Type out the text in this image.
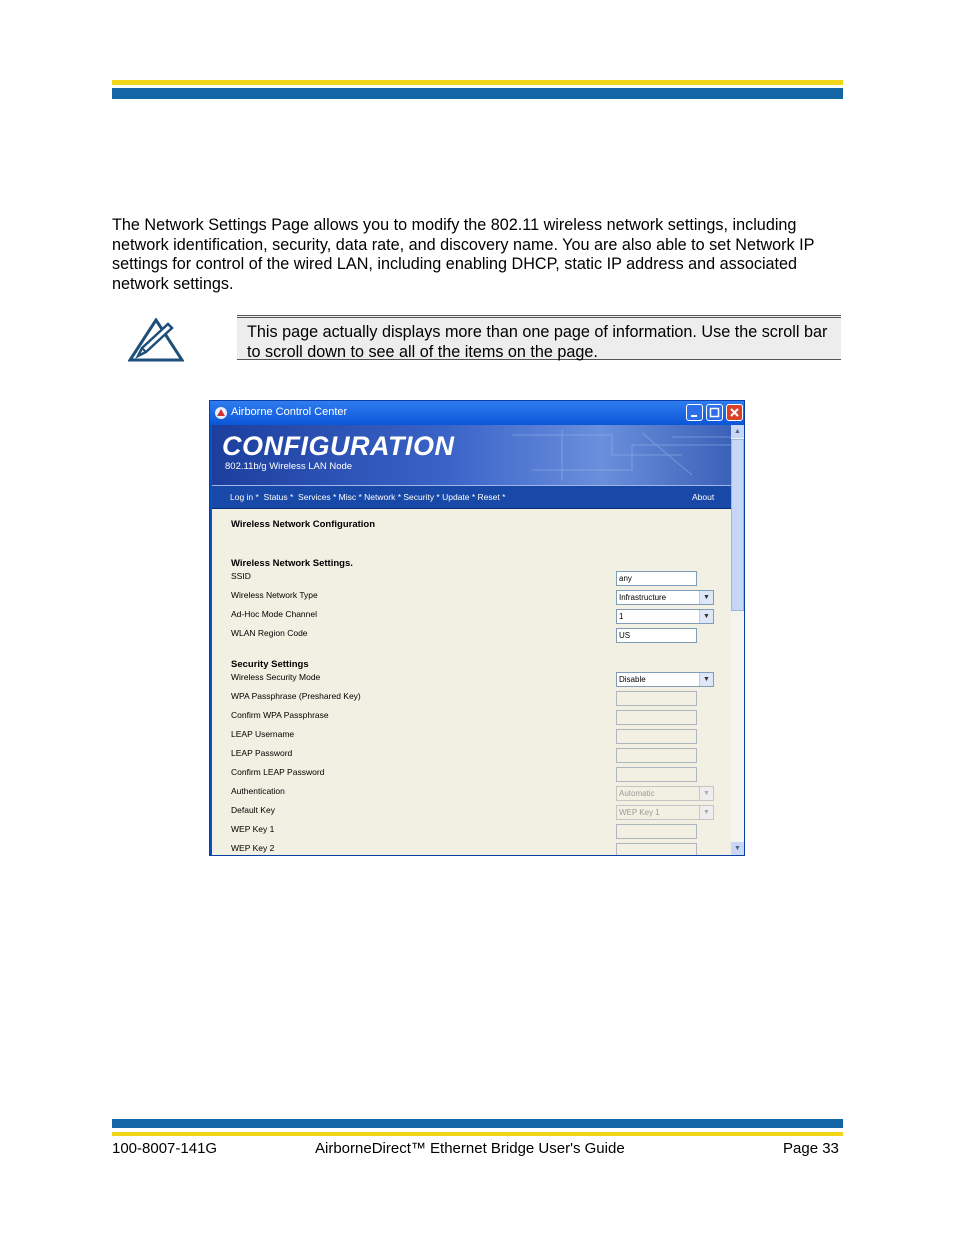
The Network Settings Page allows you to modify the 802.11 wireless network settings, including network identification, security, data rate, and discovery name. You are also able to set Network IP settings for control of the wired LAN, including enabling DHCP, static IP address and associated network settings.
This page actually displays more than one page of information. Use the scroll bar to scroll down to see all of the items on the page.
Airborne Control Center
CONFIGURATION
802.11b/g Wireless LAN Node
Log in *  Status *  Services * Misc * Network * Security * Update * Reset *	About
Wireless Network Configuration
Wireless Network Settings.
SSID	any
Wireless Network Type	Infrastructure	▼
Ad-Hoc Mode Channel	1	▼
WLAN Region Code	US
Security Settings
Wireless Security Mode	Disable	▼
WPA Passphrase (Preshared Key)
Confirm WPA Passphrase
LEAP Username
LEAP Password
Confirm LEAP Password
Authentication	Automatic	▼
Default Key	WEP Key 1	▼
WEP Key 1
WEP Key 2
▲
▼
100-8007-141G	AirborneDirect™ Ethernet Bridge User's Guide	Page 33
